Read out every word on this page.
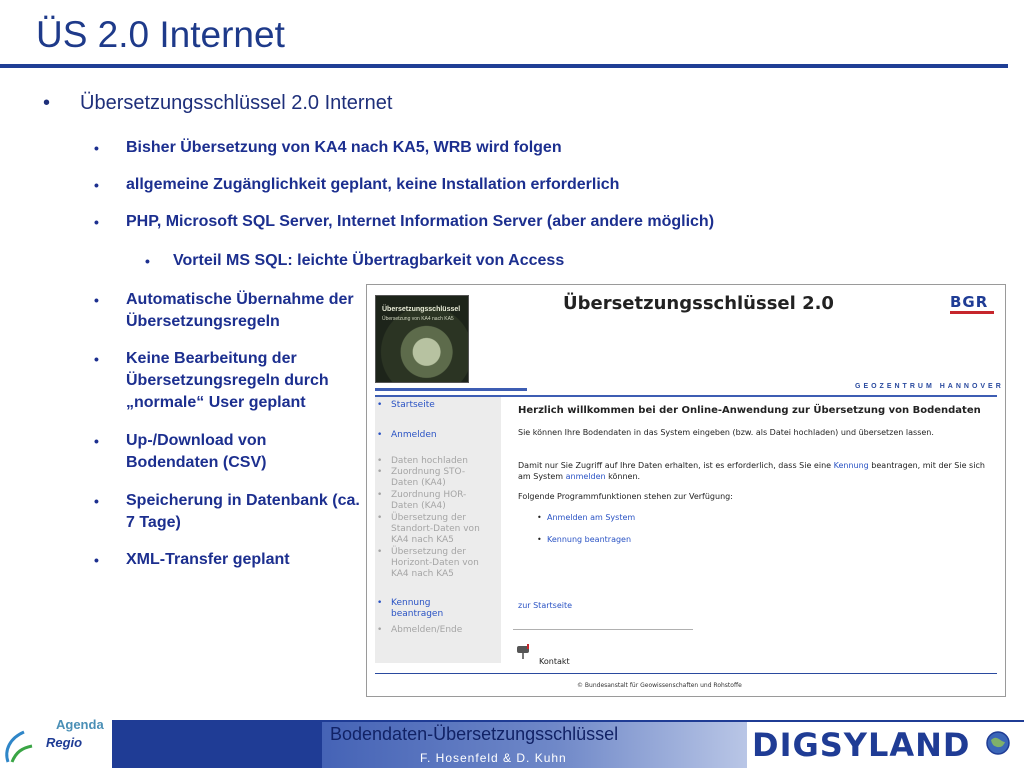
ÜS 2.0 Internet
• Übersetzungsschlüssel 2.0 Internet
• Bisher Übersetzung von KA4 nach KA5, WRB wird folgen
• allgemeine Zugänglichkeit geplant, keine Installation erforderlich
• PHP, Microsoft SQL Server, Internet Information Server (aber andere möglich)
• Vorteil MS SQL: leichte Übertragbarkeit von Access
• Automatische Übernahme der Übersetzungsregeln
• Keine Bearbeitung der Übersetzungsregeln durch „normale“ User geplant
• Up-/Download von Bodendaten (CSV)
• Speicherung in Datenbank (ca. 7 Tage)
• XML-Transfer geplant
Übersetzungsschlüssel
Übersetzung von KA4 nach KA5
Übersetzungsschlüssel 2.0	BGR
GEOZENTRUM HANNOVER
• Startseite
• Anmelden
• Daten hochladen
• Zuordnung STO-Daten (KA4)
• Zuordnung HOR-Daten (KA4)
• Übersetzung der Standort-Daten von KA4 nach KA5
• Übersetzung der Horizont-Daten von KA4 nach KA5
• Kennung beantragen
• Abmelden/Ende
Herzlich willkommen bei der Online-Anwendung zur Übersetzung von Bodendaten
Sie können Ihre Bodendaten in das System eingeben (bzw. als Datei hochladen) und übersetzen lassen.
Damit nur Sie Zugriff auf Ihre Daten erhalten, ist es erforderlich, dass Sie eine Kennung beantragen, mit der Sie sich am System anmelden können.
Folgende Programmfunktionen stehen zur Verfügung:
• Anmelden am System
• Kennung beantragen
zur Startseite
Kontakt
© Bundesanstalt für Geowissenschaften und Rohstoffe
Agenda
Regio	Bodendaten-Übersetzungsschlüssel
F. Hosenfeld & D. Kuhn	DIGSYLAND
